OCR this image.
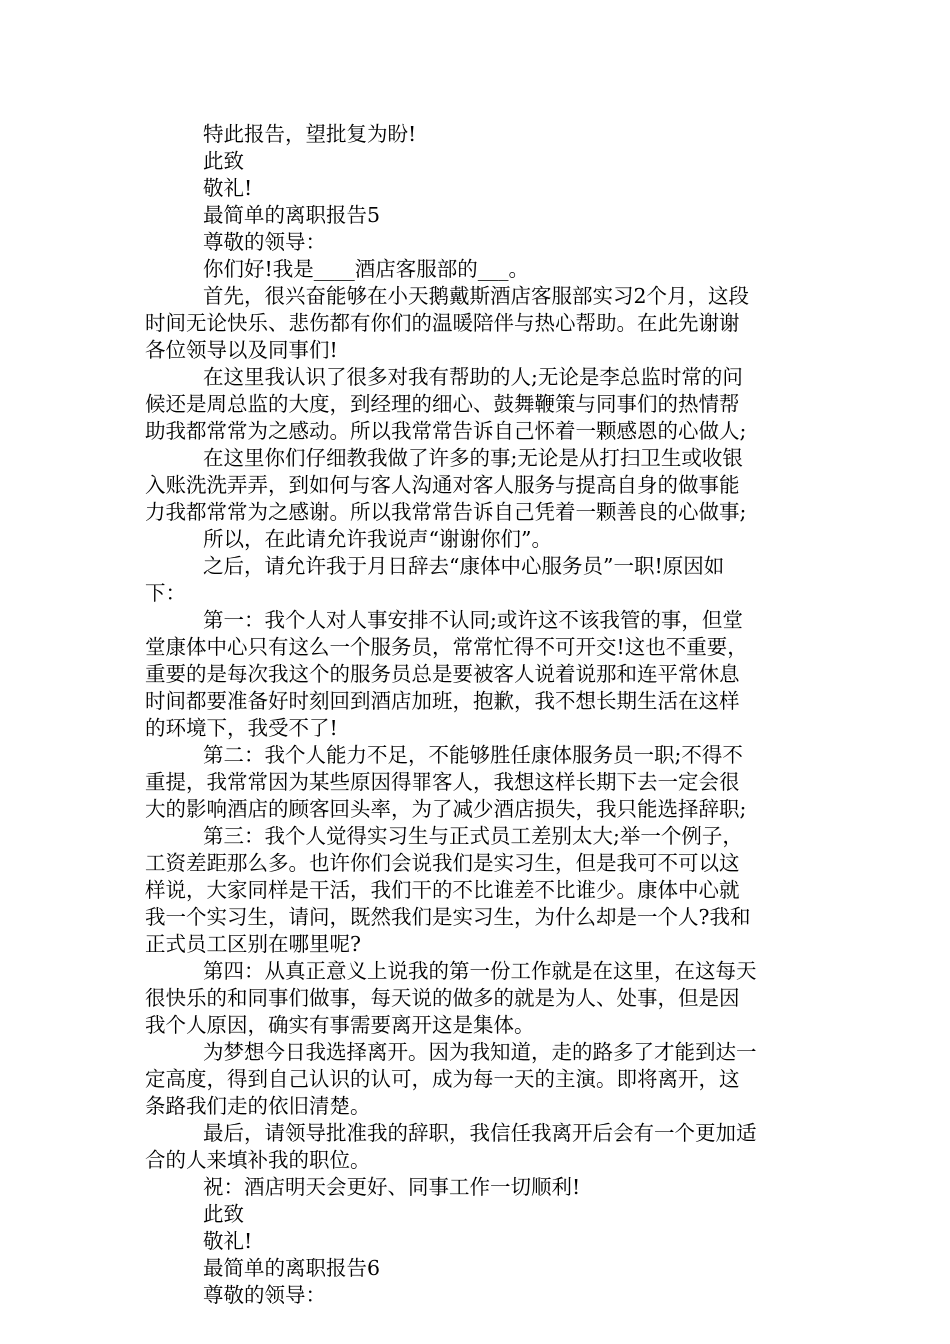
特此报告，望批复为盼!
此致
敬礼!
最简单的离职报告5
尊敬的领导：
你们好!我是____酒店客服部的___。
首先，很兴奋能够在小天鹅戴斯酒店客服部实习2个月，这段
时间无论快乐、悲伤都有你们的温暖陪伴与热心帮助。在此先谢谢
各位领导以及同事们!
在这里我认识了很多对我有帮助的人;无论是李总监时常的问
候还是周总监的大度，到经理的细心、鼓舞鞭策与同事们的热情帮
助我都常常为之感动。所以我常常告诉自己怀着一颗感恩的心做人;
在这里你们仔细教我做了许多的事;无论是从打扫卫生或收银
入账洗洗弄弄，到如何与客人沟通对客人服务与提高自身的做事能
力我都常常为之感谢。所以我常常告诉自己凭着一颗善良的心做事;
所以，在此请允许我说声“谢谢你们”。
之后，请允许我于月日辞去“康体中心服务员”一职!原因如
下：
第一：我个人对人事安排不认同;或许这不该我管的事，但堂
堂康体中心只有这么一个服务员，常常忙得不可开交!这也不重要，
重要的是每次我这个的服务员总是要被客人说着说那和连平常休息
时间都要准备好时刻回到酒店加班，抱歉，我不想长期生活在这样
的环境下，我受不了!
第二：我个人能力不足，不能够胜任康体服务员一职;不得不
重提，我常常因为某些原因得罪客人，我想这样长期下去一定会很
大的影响酒店的顾客回头率，为了减少酒店损失，我只能选择辞职;
第三：我个人觉得实习生与正式员工差别太大;举一个例子，
工资差距那么多。也许你们会说我们是实习生，但是我可不可以这
样说，大家同样是干活，我们干的不比谁差不比谁少。康体中心就
我一个实习生，请问，既然我们是实习生，为什么却是一个人?我和
正式员工区别在哪里呢?
第四：从真正意义上说我的第一份工作就是在这里，在这每天
很快乐的和同事们做事，每天说的做多的就是为人、处事，但是因
我个人原因，确实有事需要离开这是集体。
为梦想今日我选择离开。因为我知道，走的路多了才能到达一
定高度，得到自己认识的认可，成为每一天的主演。即将离开，这
条路我们走的依旧清楚。
最后，请领导批准我的辞职，我信任我离开后会有一个更加适
合的人来填补我的职位。
祝：酒店明天会更好、同事工作一切顺利!
此致
敬礼!
最简单的离职报告6
尊敬的领导：
